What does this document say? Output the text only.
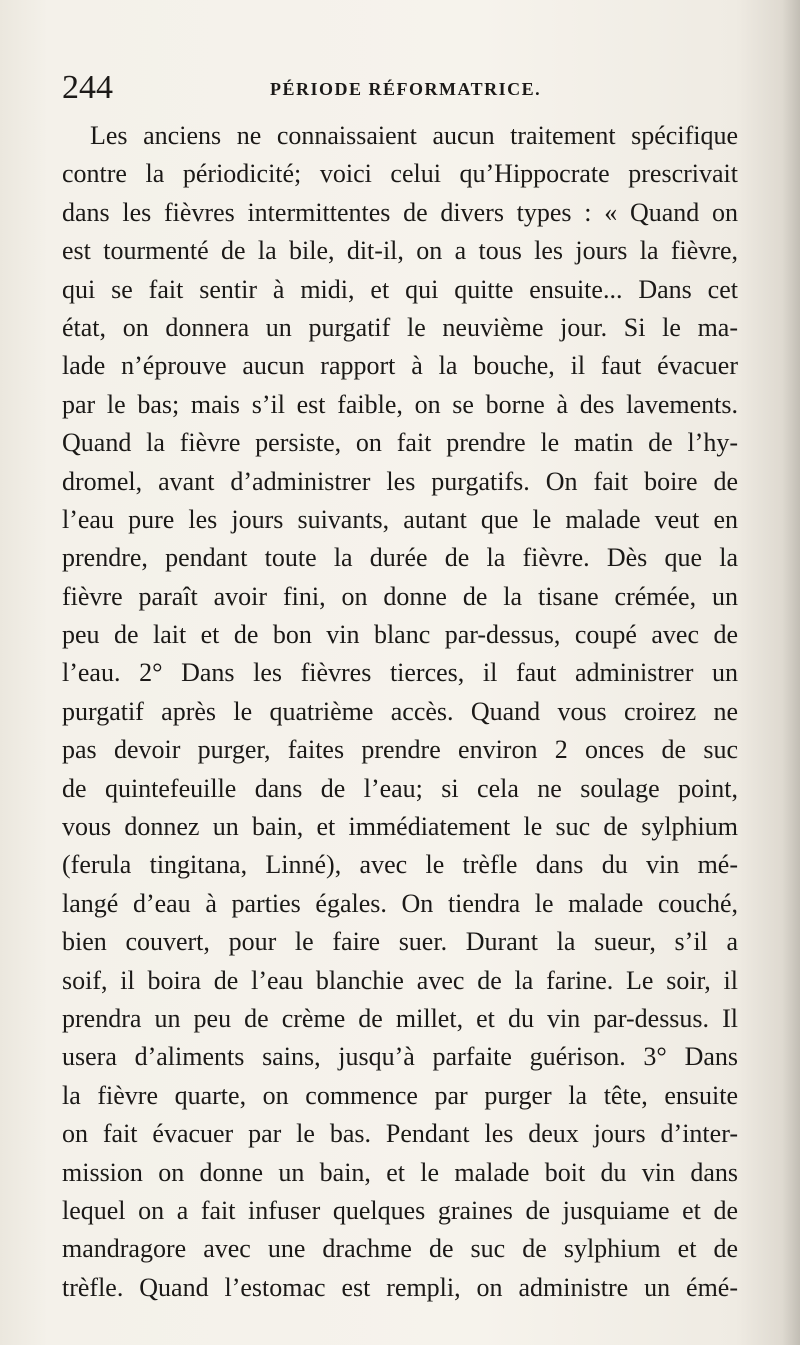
244	PÉRIODE RÉFORMATRICE.
Les anciens ne connaissaient aucun traitement spécifique
contre la périodicité; voici celui qu’Hippocrate prescrivait
dans les fièvres intermittentes de divers types : « Quand on
est tourmenté de la bile, dit-il, on a tous les jours la fièvre,
qui se fait sentir à midi, et qui quitte ensuite... Dans cet
état, on donnera un purgatif le neuvième jour. Si le ma-
lade n’éprouve aucun rapport à la bouche, il faut évacuer
par le bas; mais s’il est faible, on se borne à des lavements.
Quand la fièvre persiste, on fait prendre le matin de l’hy-
dromel, avant d’administrer les purgatifs. On fait boire de
l’eau pure les jours suivants, autant que le malade veut en
prendre, pendant toute la durée de la fièvre. Dès que la
fièvre paraît avoir fini, on donne de la tisane crémée, un
peu de lait et de bon vin blanc par-dessus, coupé avec de
l’eau. 2° Dans les fièvres tierces, il faut administrer un
purgatif après le quatrième accès. Quand vous croirez ne
pas devoir purger, faites prendre environ 2 onces de suc
de quintefeuille dans de l’eau; si cela ne soulage point,
vous donnez un bain, et immédiatement le suc de sylphium
(ferula tingitana, Linné), avec le trèfle dans du vin mé-
langé d’eau à parties égales. On tiendra le malade couché,
bien couvert, pour le faire suer. Durant la sueur, s’il a
soif, il boira de l’eau blanchie avec de la farine. Le soir, il
prendra un peu de crème de millet, et du vin par-dessus. Il
usera d’aliments sains, jusqu’à parfaite guérison. 3° Dans
la fièvre quarte, on commence par purger la tête, ensuite
on fait évacuer par le bas. Pendant les deux jours d’inter-
mission on donne un bain, et le malade boit du vin dans
lequel on a fait infuser quelques graines de jusquiame et de
mandragore avec une drachme de suc de sylphium et de
trèfle. Quand l’estomac est rempli, on administre un émé-
